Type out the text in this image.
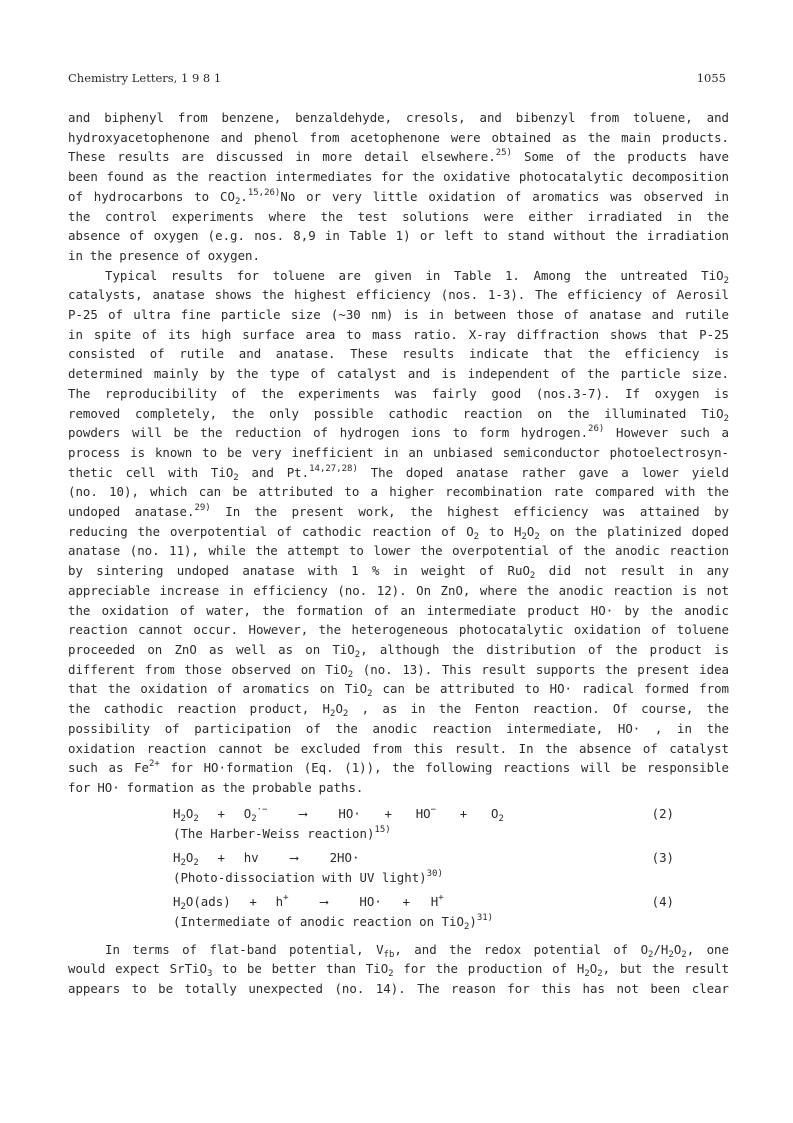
Chemistry Letters, 1 9 8 1	1055

and biphenyl from benzene, benzaldehyde, cresols, and bibenzyl from toluene, and

hydroxyacetophenone and phenol from acetophenone were obtained as the main products.

These results are discussed in more detail elsewhere.$^{25)}$ Some of the products have

been found as the reaction intermediates for the oxidative photocatalytic decomposition

of hydrocarbons to $CO_2.^{15,26)}No$ or very little oxidation of aromatics was observed in

the control experiments where the test solutions were either irradiated in the

absence of oxygen (e.g. nos. 8,9 in Table 1) or left to stand without the irradiation

in the presence of oxygen.

Typical results for toluene are given in Table 1. Among the untreated TiO$_2$

catalysts, anatase shows the highest efficiency (nos. 1-3). The efficiency of Aerosil

P-25 of ultra fine particle size (~30 nm) is in between those of anatase and rutile

in spite of its high surface area to mass ratio. X-ray diffraction shows that P-25

consisted of rutile and anatase. These results indicate that the efficiency is

determined mainly by the type of catalyst and is independent of the particle size.

The reproducibility of the experiments was fairly good (nos.3-7). If oxygen is

removed completely, the only possible cathodic reaction on the illuminated TiO$_2$

powders will be the reduction of hydrogen ions to form hydrogen.$^{26)}$ However such a

process is known to be very inefficient in an unbiased semiconductor photoelectrosyn-

thetic cell with TiO$_2$ and Pt.$^{14,27,28)}$ The doped anatase rather gave a lower yield

(no. 10), which can be attributed to a higher recombination rate compared with the

undoped anatase.$^{29)}$ In the present work, the highest efficiency was attained by

reducing the overpotential of cathodic reaction of $O_2$ to $H_2O_2$ on the platinized doped

anatase (no. 11), while the attempt to lower the overpotential of the anodic reaction

by sintering undoped anatase with 1 % in weight of RuO$_2$ did not result in any

appreciable increase in efficiency (no. 12). On ZnO, where the anodic reaction is not

the oxidation of water, the formation of an intermediate product HO· by the anodic

reaction cannot occur. However, the heterogeneous photocatalytic oxidation of toluene

proceeded on ZnO as well as on TiO$_2$, although the distribution of the product is

different from those observed on TiO$_2$ (no. 13). This result supports the present idea

that the oxidation of aromatics on TiO$_2$ can be attributed to HO· radical formed from

the cathodic reaction product, $H_2O_2$ , as in the Fenton reaction. Of course, the

possibility of participation of the anodic reaction intermediate, HO· , in the

oxidation reaction cannot be excluded from this result. In the absence of catalyst

such as $Fe^{2+}$ for HO·formation (Eq. (1)), the following reactions will be responsible

for HO· formation as the probable paths.

$H_2O_2 + O_2^{\cdot-}$	⟶	$HO\cdot + HO^- + O_2$	(2)
(The Harber-Weiss reaction)$^{15)}$
$H_2O_2$ + hv	⟶	2HO·	(3)
(Photo-dissociation with UV light)$^{30)}$
$H_2O(ads) + h^+$	⟶	HO· + H+	(4)
(Intermediate of anodic reaction on TiO$_2$)$^{31)}$

In terms of flat-band potential, $V_{fb}$, and the redox potential of $O_2/H_2O_2$, one

would expect SrTiO$_3$ to be better than TiO$_2$ for the production of $H_2O_2$, but the result

appears to be totally unexpected (no. 14). The reason for this has not been clear
